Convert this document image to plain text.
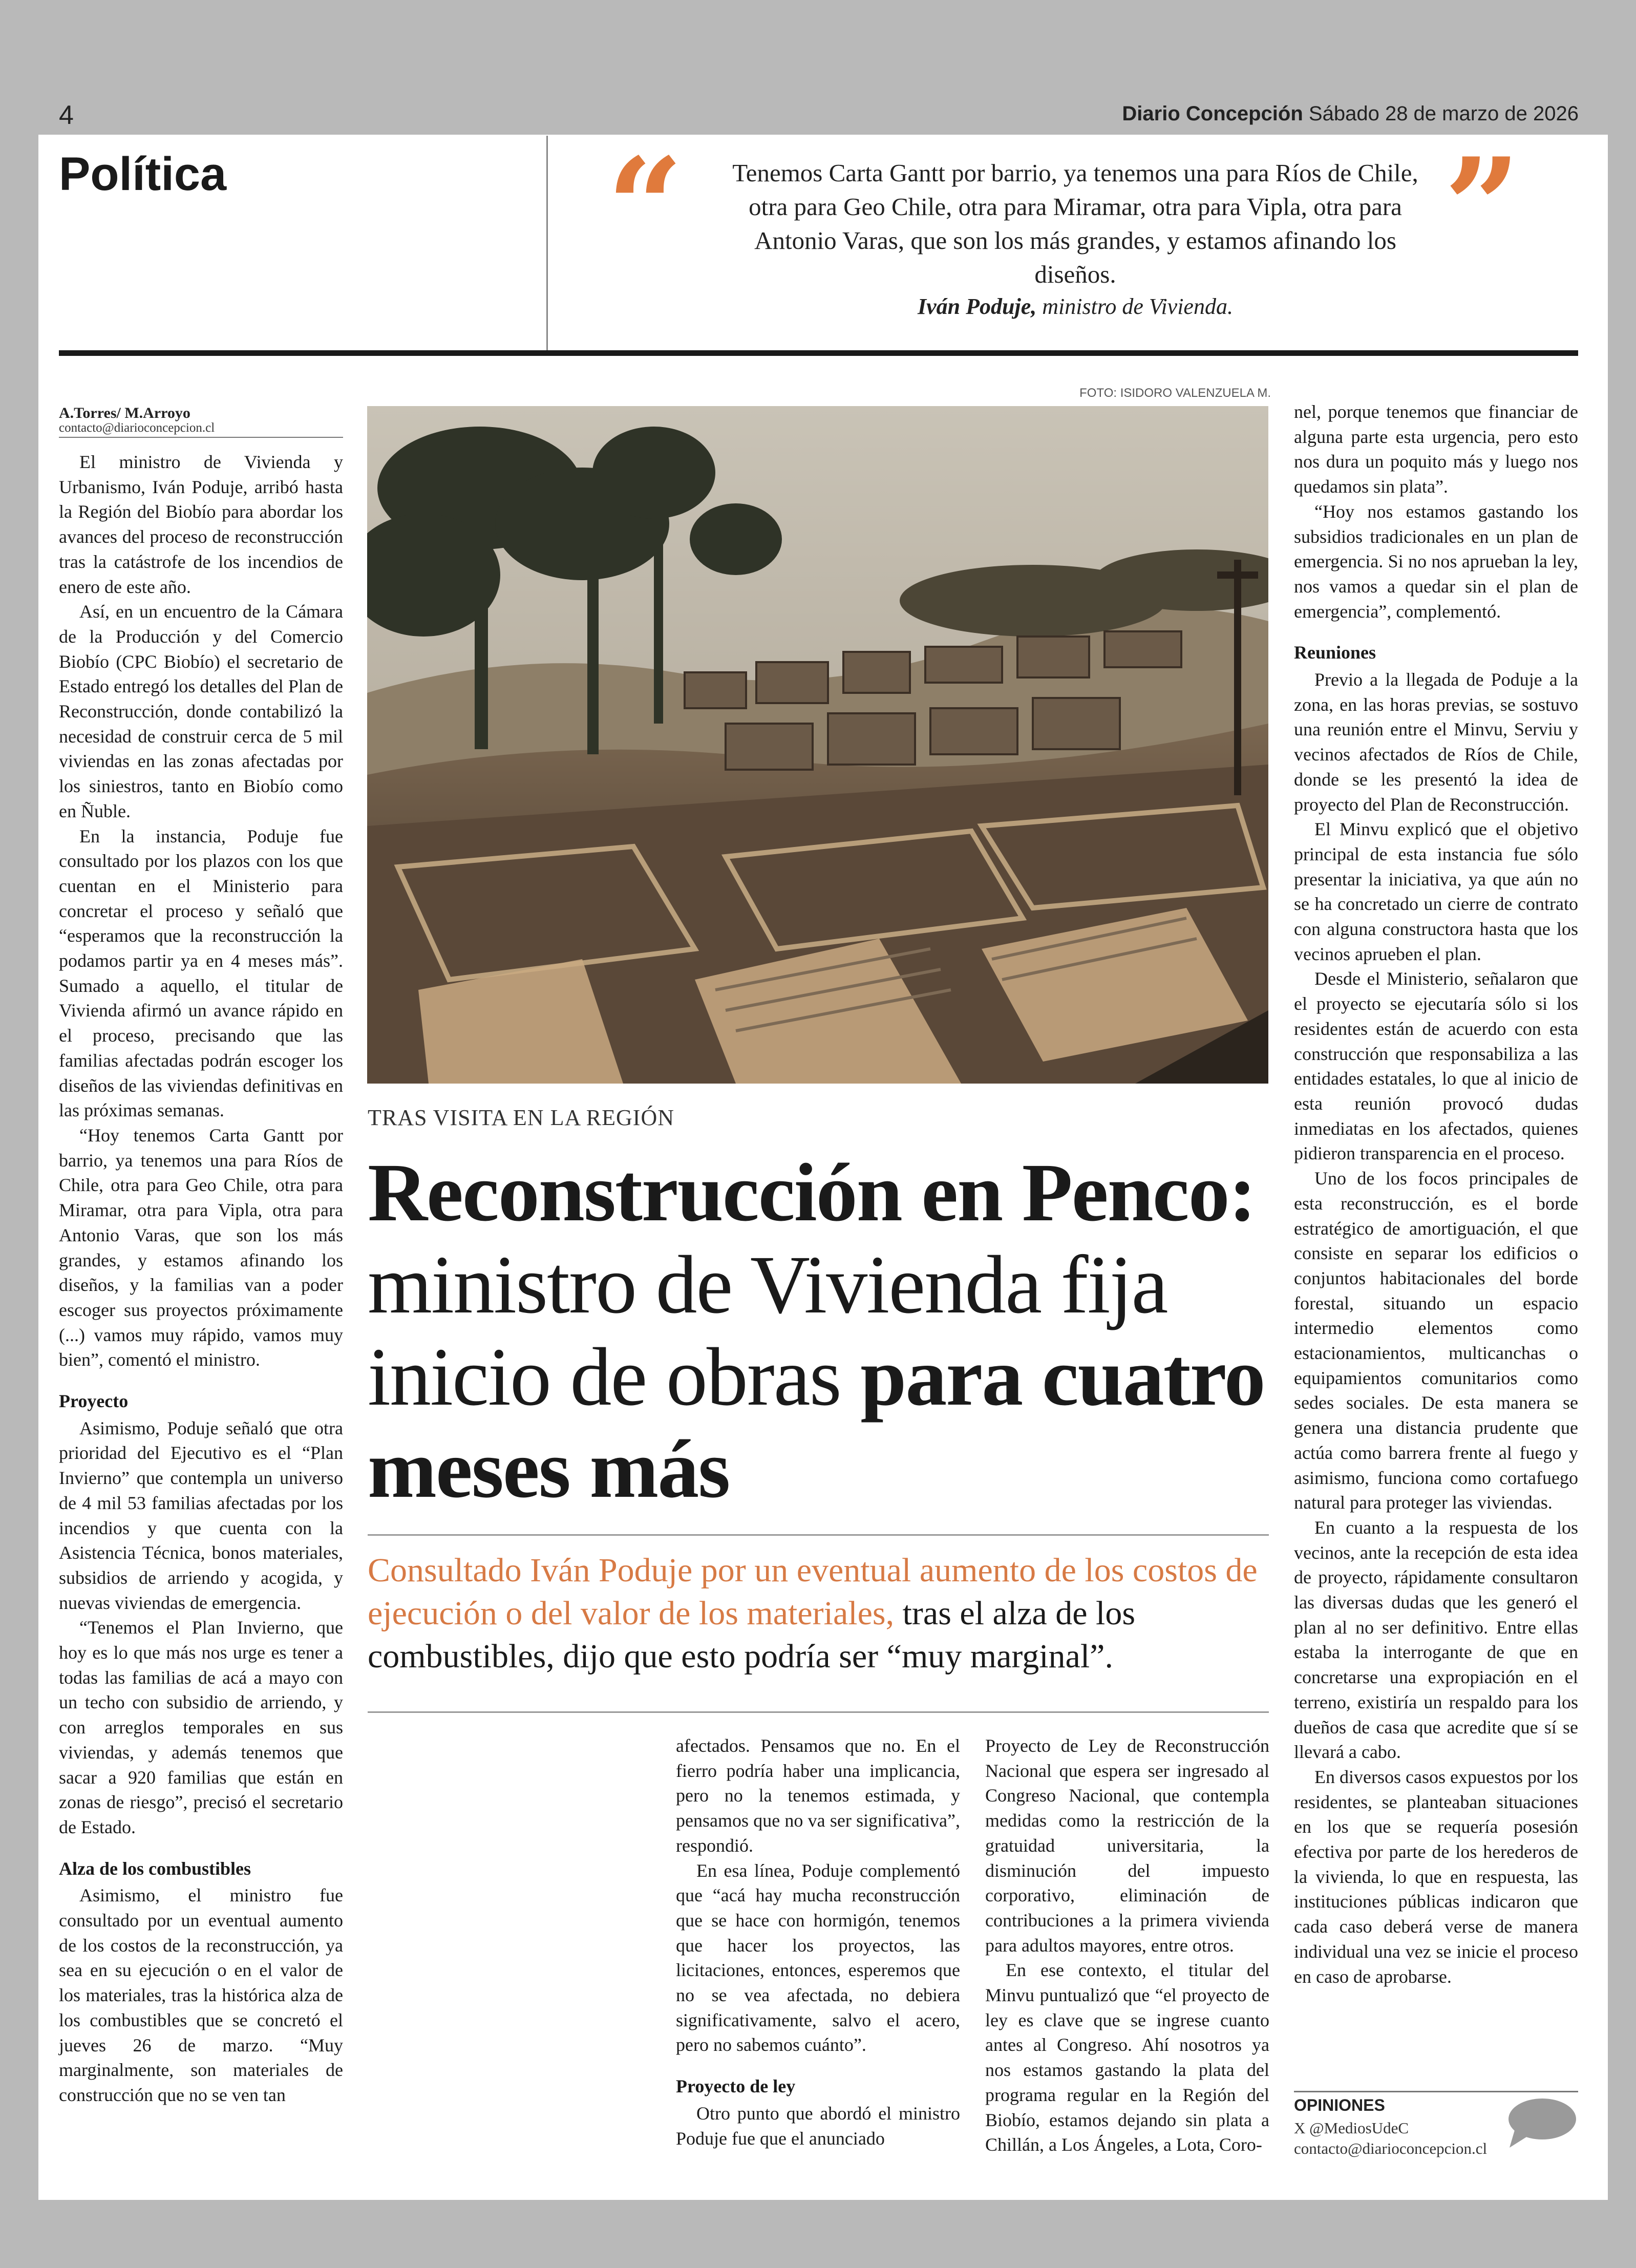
4	Diario Concepción Sábado 28 de marzo de 2026
Política	“	”
Tenemos Carta Gantt por barrio, ya tenemos una para Ríos de Chile, otra para Geo Chile, otra para Miramar, otra para Vipla, otra para Antonio Varas, que son los más grandes, y estamos afinando los diseños.
Iván Poduje, ministro de Vivienda.
A.Torres/ M.Arroyo
contacto@diarioconcepcion.cl

El ministro de Vivienda y Urbanismo, Iván Poduje, arribó hasta la Región del Biobío para abordar los avances del proceso de reconstrucción tras la catástrofe de los incendios de enero de este año.

Así, en un encuentro de la Cámara de la Producción y del Comercio Biobío (CPC Biobío) el secretario de Estado entregó los detalles del Plan de Reconstrucción, donde contabilizó la necesidad de construir cerca de 5 mil viviendas en las zonas afectadas por los siniestros, tanto en Biobío como en Ñuble.

En la instancia, Poduje fue consultado por los plazos con los que cuentan en el Ministerio para concretar el proceso y señaló que “esperamos que la reconstrucción la podamos partir ya en 4 meses más”. Sumado a aquello, el titular de Vivienda afirmó un avance rápido en el proceso, precisando que las familias afectadas podrán escoger los diseños de las viviendas definitivas en las próximas semanas.

“Hoy tenemos Carta Gantt por barrio, ya tenemos una para Ríos de Chile, otra para Geo Chile, otra para Miramar, otra para Vipla, otra para Antonio Varas, que son los más grandes, y estamos afinando los diseños, y la familias van a poder escoger sus proyectos próximamente (...) vamos muy rápido, vamos muy bien”, comentó el ministro.

Proyecto

Asimismo, Poduje señaló que otra prioridad del Ejecutivo es el “Plan Invierno” que contempla un universo de 4 mil 53 familias afectadas por los incendios y que cuenta con la Asistencia Técnica, bonos materiales, subsidios de arriendo y acogida, y nuevas viviendas de emergencia.

“Tenemos el Plan Invierno, que hoy es lo que más nos urge es tener a todas las familias de acá a mayo con un techo con subsidio de arriendo, y con arreglos temporales en sus viviendas, y además tenemos que sacar a 920 familias que están en zonas de riesgo”, precisó el secretario de Estado.

Alza de los combustibles

Asimismo, el ministro fue consultado por un eventual aumento de los costos de la reconstrucción, ya sea en su ejecución o en el valor de los materiales, tras la histórica alza de los combustibles que se concretó el jueves 26 de marzo. “Muy marginalmente, son materiales de construcción que no se ven tan

FOTO: ISIDORO VALENZUELA M.
TRAS VISITA EN LA REGIÓN
Reconstrucción en Penco: ministro de Vivienda fija inicio de obras para cuatro meses más
Consultado Iván Poduje por un eventual aumento de los costos de ejecución o del valor de los materiales, tras el alza de los combustibles, dijo que esto podría ser “muy marginal”.

afectados. Pensamos que no. En el fierro podría haber una implicancia, pero no la tenemos estimada, y pensamos que no va ser significativa”, respondió.

En esa línea, Poduje complementó que “acá hay mucha reconstrucción que se hace con hormigón, tenemos que hacer los proyectos, las licitaciones, entonces, esperemos que no se vea afectada, no debiera significativamente, salvo el acero, pero no sabemos cuánto”.

Proyecto de ley

Otro punto que abordó el ministro Poduje fue que el anunciado

Proyecto de Ley de Reconstrucción Nacional que espera ser ingresado al Congreso Nacional, que contempla medidas como la restricción de la gratuidad universitaria, la disminución del impuesto corporativo, eliminación de contribuciones a la primera vivienda para adultos mayores, entre otros.

En ese contexto, el titular del Minvu puntualizó que “el proyecto de ley es clave que se ingrese cuanto antes al Congreso. Ahí nosotros ya nos estamos gastando la plata del programa regular en la Región del Biobío, estamos dejando sin plata a Chillán, a Los Ángeles, a Lota, Coro-

nel, porque tenemos que financiar de alguna parte esta urgencia, pero esto nos dura un poquito más y luego nos quedamos sin plata”.

“Hoy nos estamos gastando los subsidios tradicionales en un plan de emergencia. Si no nos aprueban la ley, nos vamos a quedar sin el plan de emergencia”, complementó.

Reuniones

Previo a la llegada de Poduje a la zona, en las horas previas, se sostuvo una reunión entre el Minvu, Serviu y vecinos afectados de Ríos de Chile, donde se les presentó la idea de proyecto del Plan de Reconstrucción.

El Minvu explicó que el objetivo principal de esta instancia fue sólo presentar la iniciativa, ya que aún no se ha concretado un cierre de contrato con alguna constructora hasta que los vecinos aprueben el plan.

Desde el Ministerio, señalaron que el proyecto se ejecutaría sólo si los residentes están de acuerdo con esta construcción que responsabiliza a las entidades estatales, lo que al inicio de esta reunión provocó dudas inmediatas en los afectados, quienes pidieron transparencia en el proceso.

Uno de los focos principales de esta reconstrucción, es el borde estratégico de amortiguación, el que consiste en separar los edificios o conjuntos habitacionales del borde forestal, situando un espacio intermedio elementos como estacionamientos, multicanchas o equipamientos comunitarios como sedes sociales. De esta manera se genera una distancia prudente que actúa como barrera frente al fuego y asimismo, funciona como cortafuego natural para proteger las viviendas.

En cuanto a la respuesta de los vecinos, ante la recepción de esta idea de proyecto, rápidamente consultaron las diversas dudas que les generó el plan al no ser definitivo. Entre ellas estaba la interrogante de que en concretarse una expropiación en el terreno, existiría un respaldo para los dueños de casa que acredite que sí se llevará a cabo.

En diversos casos expuestos por los residentes, se planteaban situaciones en los que se requería posesión efectiva por parte de los herederos de la vivienda, lo que en respuesta, las instituciones públicas indicaron que cada caso deberá verse de manera individual una vez se inicie el proceso en caso de aprobarse.

OPINIONES
X @MediosUdeC
contacto@diarioconcepcion.cl
